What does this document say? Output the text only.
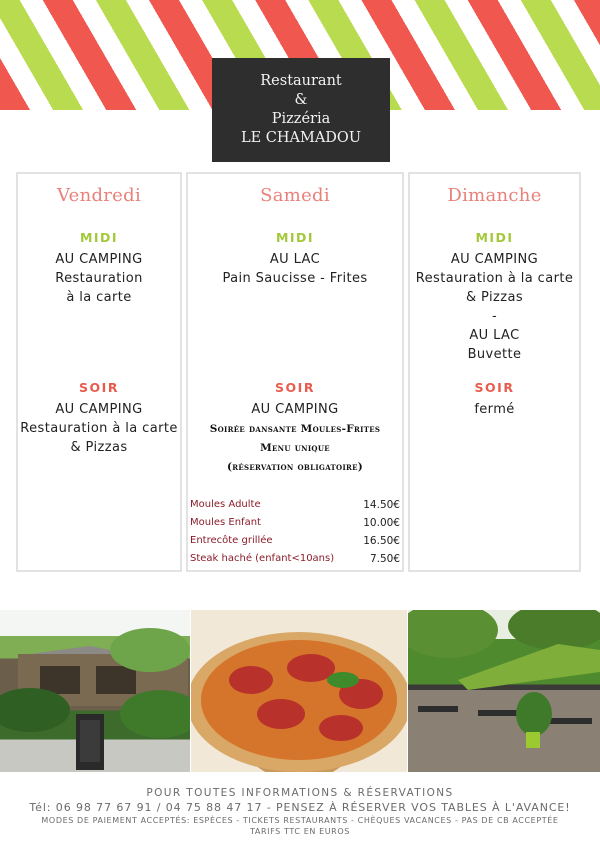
Restaurant
&
Pizzéria
LE CHAMADOU
Vendredi
MIDI
AU CAMPING
Restauration
à la carte
SOIR
AU CAMPING
Restauration à la carte
& Pizzas
Samedi
MIDI
AU LAC
Pain Saucisse - Frites
SOIR
AU CAMPING
Soirée dansante Moules-Frites
Menu unique
(réservation obligatoire)
Moules Adulte	14.50€
Moules Enfant	10.00€
Entrecôte grillée	16.50€
Steak haché (enfant<10ans)	7.50€
Dimanche
MIDI
AU CAMPING
Restauration à la carte
& Pizzas
-
AU LAC
Buvette
SOIR
fermé
POUR TOUTES INFORMATIONS & RÉSERVATIONS
Tél: 06 98 77 67 91 / 04 75 88 47 17 - PENSEZ À RÉSERVER VOS TABLES À L'AVANCE!
MODES DE PAIEMENT ACCEPTÉS: ESPÈCES - TICKETS RESTAURANTS - CHÈQUES VACANCES - PAS DE CB ACCEPTÉE
TARIFS TTC EN EUROS
